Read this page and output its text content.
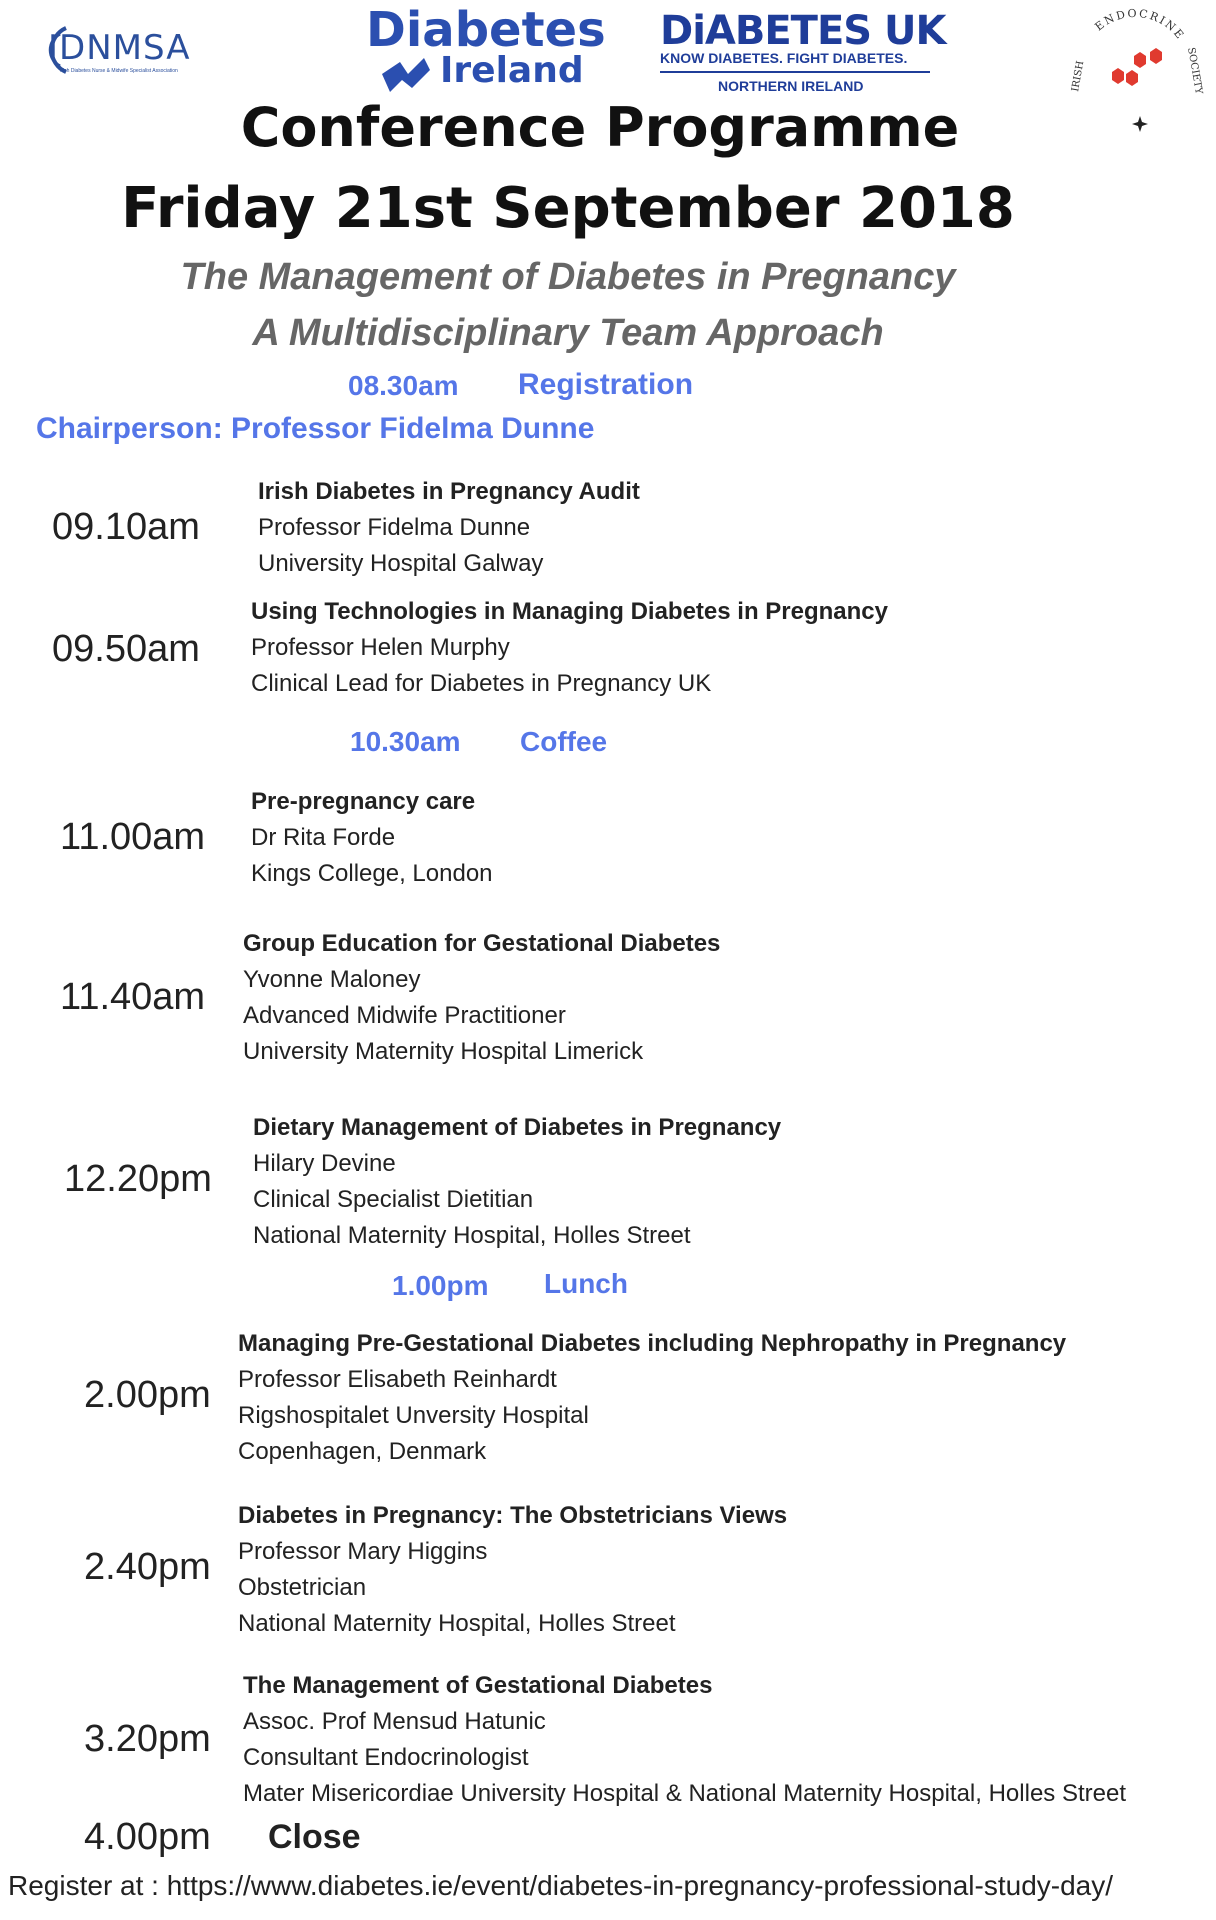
IDNMSA
Irish Diabetes Nurse & Midwife Specialist Association
Diabetes
Ireland
DiABETES UK
KNOW DIABETES. FIGHT DIABETES.
NORTHERN IRELAND
ENDOCRINE
IRISH	SOCIETY
Conference Programme
Friday 21st September 2018
The Management of Diabetes in Pregnancy
A Multidisciplinary Team Approach
08.30am Registration
Chairperson: Professor Fidelma Dunne
09.10am
Irish Diabetes in Pregnancy Audit
Professor Fidelma Dunne
University Hospital Galway
09.50am
Using Technologies in Managing Diabetes in Pregnancy
Professor Helen Murphy
Clinical Lead for Diabetes in Pregnancy UK
10.30am Coffee
11.00am
Pre-pregnancy care
Dr Rita Forde
Kings College, London
11.40am
Group Education for Gestational Diabetes
Yvonne Maloney
Advanced Midwife Practitioner
University Maternity Hospital Limerick
12.20pm
Dietary Management of Diabetes in Pregnancy
Hilary Devine
Clinical Specialist Dietitian
National Maternity Hospital, Holles Street
1.00pm Lunch
2.00pm
Managing Pre-Gestational Diabetes including Nephropathy in Pregnancy
Professor Elisabeth Reinhardt
Rigshospitalet Unversity Hospital
Copenhagen, Denmark
2.40pm
Diabetes in Pregnancy: The Obstetricians Views
Professor Mary Higgins
Obstetrician
National Maternity Hospital, Holles Street
3.20pm
The Management of Gestational Diabetes
Assoc. Prof Mensud Hatunic
Consultant Endocrinologist
Mater Misericordiae University Hospital & National Maternity Hospital, Holles Street
4.00pm Close
Register at : https://www.diabetes.ie/event/diabetes-in-pregnancy-professional-study-day/
